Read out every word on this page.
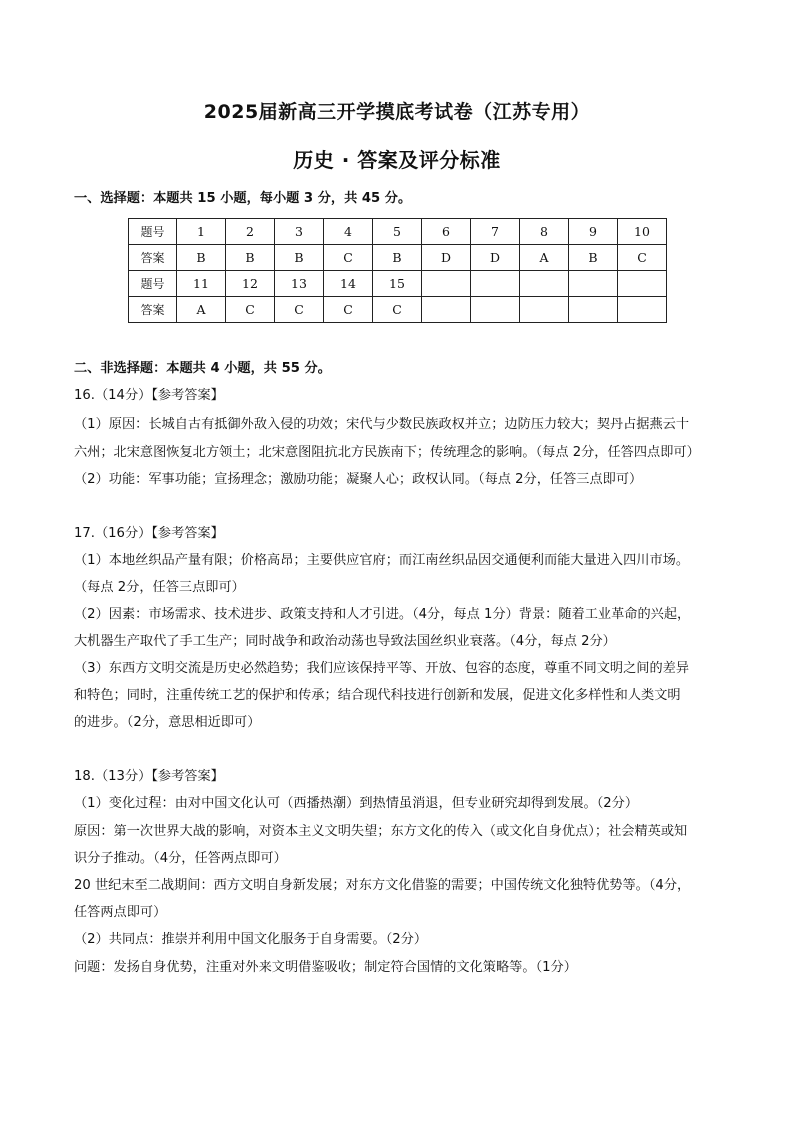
2025届新高三开学摸底考试卷（江苏专用）
历史 · 答案及评分标准
一、选择题：本题共 15 小题，每小题 3 分，共 45 分。
题号	1	2	3	4	5	6	7	8	9	10
答案	B	B	B	C	B	D	D	A	B	C
题号	11	12	13	14	15					
答案	A	C	C	C	C					
二、非选择题：本题共 4 小题，共 55 分。
16.（14分）【参考答案】
（1）原因：长城自古有抵御外敌入侵的功效；宋代与少数民族政权并立；边防压力较大；契丹占据燕云十
六州；北宋意图恢复北方领土；北宋意图阻抗北方民族南下；传统理念的影响。（每点 2分，任答四点即可）
（2）功能：军事功能；宣扬理念；激励功能；凝聚人心；政权认同。（每点 2分，任答三点即可）
17.（16分）【参考答案】
（1）本地丝织品产量有限；价格高昂；主要供应官府；而江南丝织品因交通便利而能大量进入四川市场。
（每点 2分，任答三点即可）
（2）因素：市场需求、技术进步、政策支持和人才引进。（4分，每点 1分）背景：随着工业革命的兴起，
大机器生产取代了手工生产；同时战争和政治动荡也导致法国丝织业衰落。（4分，每点 2分）
（3）东西方文明交流是历史必然趋势；我们应该保持平等、开放、包容的态度，尊重不同文明之间的差异
和特色；同时，注重传统工艺的保护和传承；结合现代科技进行创新和发展，促进文化多样性和人类文明
的进步。（2分，意思相近即可）
18.（13分）【参考答案】
（1）变化过程：由对中国文化认可（西播热潮）到热情虽消退，但专业研究却得到发展。（2分）
原因：第一次世界大战的影响，对资本主义文明失望；东方文化的传入（或文化自身优点）；社会精英或知
识分子推动。（4分，任答两点即可）
20 世纪末至二战期间：西方文明自身新发展；对东方文化借鉴的需要；中国传统文化独特优势等。（4分，
任答两点即可）
（2）共同点：推崇并利用中国文化服务于自身需要。（2分）
问题：发扬自身优势，注重对外来文明借鉴吸收；制定符合国情的文化策略等。（1分）
